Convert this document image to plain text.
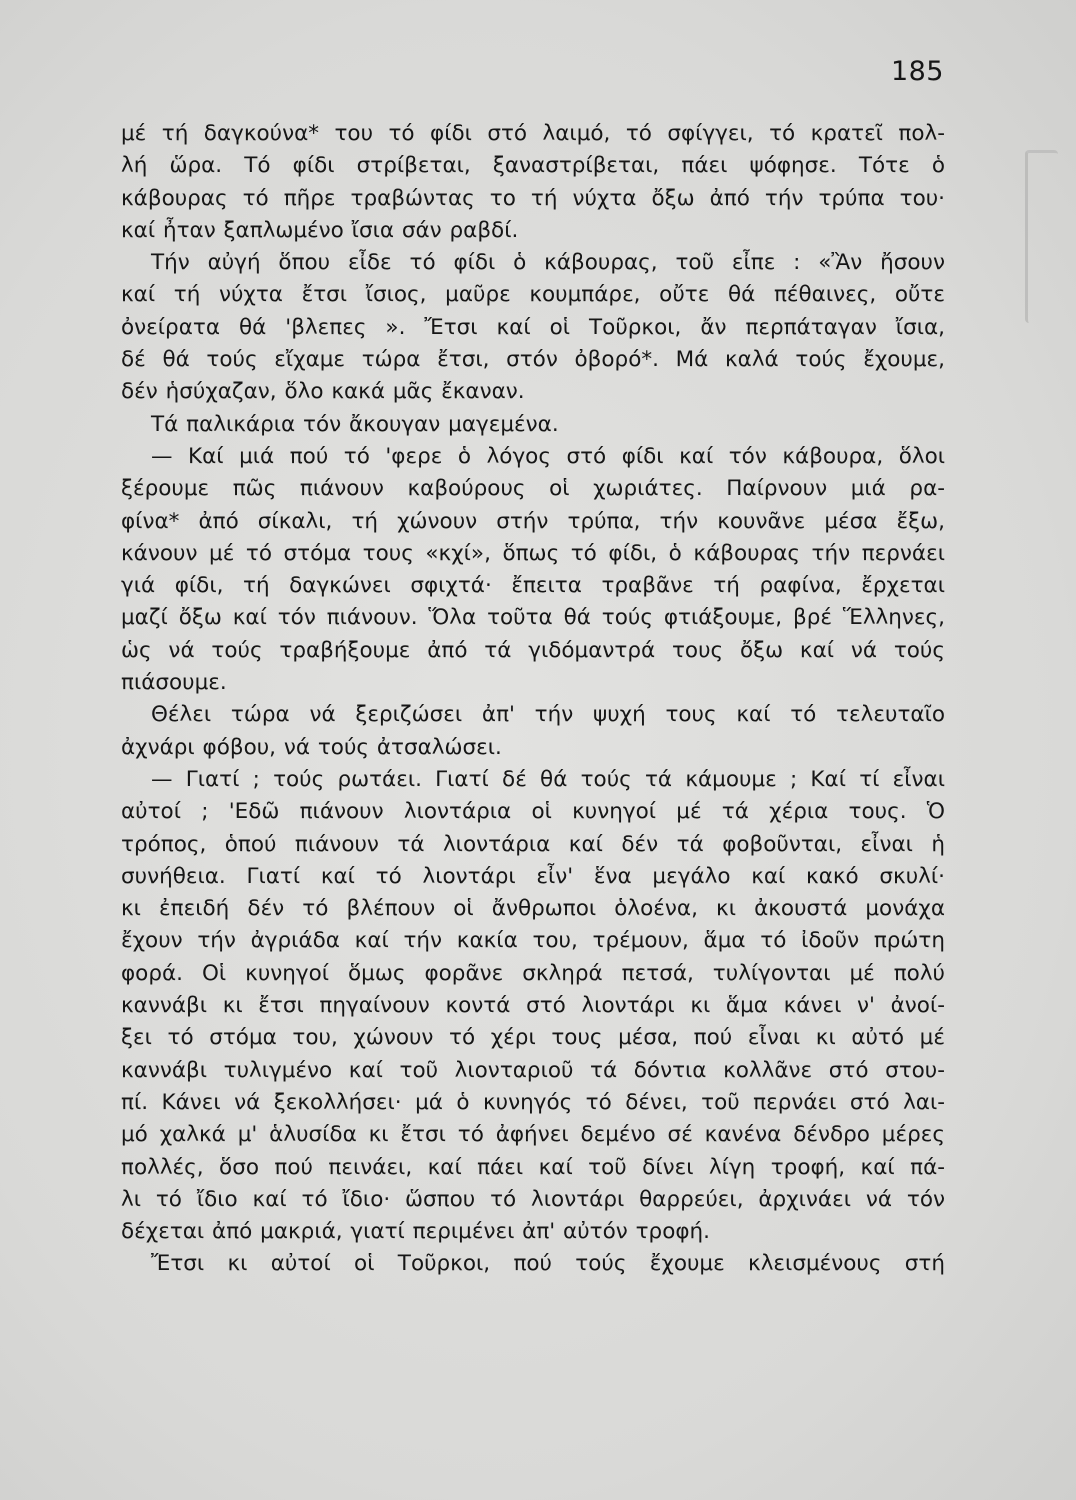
185
μέ τή δαγκούνα* του τό φίδι στό λαιμό, τό σφίγγει, τό κρατεῖ πολ-
λή ὥρα. Τό φίδι στρίβεται, ξαναστρίβεται, πάει ψόφησε. Τότε ὁ
κάβουρας τό πῆρε τραβώντας το τή νύχτα ὄξω ἀπό τήν τρύπα του·
καί ἦταν ξαπλωμένο ἴσια σάν ραβδί.
Τήν αὐγή ὅπου εἶδε τό φίδι ὁ κάβουρας, τοῦ εἶπε : «Ἂν ἤσουν
καί τή νύχτα ἔτσι ἴσιος, μαῦρε κουμπάρε, οὔτε θά πέθαινες, οὔτε
ὀνείρατα θά 'βλεπες ». Ἔτσι καί οἱ Τοῦρκοι, ἄν περπάταγαν ἴσια,
δέ θά τούς εἴχαμε τώρα ἔτσι, στόν ὀβορό*. Μά καλά τούς ἔχουμε,
δέν ἡσύχαζαν, ὅλο κακά μᾶς ἔκαναν.
Τά παλικάρια τόν ἄκουγαν μαγεμένα.
— Καί μιά πού τό 'φερε ὁ λόγος στό φίδι καί τόν κάβουρα, ὅλοι
ξέρουμε πῶς πιάνουν καβούρους οἱ χωριάτες. Παίρνουν μιά ρα-
φίνα* ἀπό σίκαλι, τή χώνουν στήν τρύπα, τήν κουνᾶνε μέσα ἔξω,
κάνουν μέ τό στόμα τους «κχί», ὅπως τό φίδι, ὁ κάβουρας τήν περνάει
γιά φίδι, τή δαγκώνει σφιχτά· ἔπειτα τραβᾶνε τή ραφίνα, ἔρχεται
μαζί ὄξω καί τόν πιάνουν. Ὅλα τοῦτα θά τούς φτιάξουμε, βρέ Ἕλληνες,
ὡς νά τούς τραβήξουμε ἀπό τά γιδόμαντρά τους ὄξω καί νά τούς
πιάσουμε.
Θέλει τώρα νά ξεριζώσει ἀπ' τήν ψυχή τους καί τό τελευταῖο
ἀχνάρι φόβου, νά τούς ἀτσαλώσει.
— Γιατί ; τούς ρωτάει. Γιατί δέ θά τούς τά κάμουμε ; Καί τί εἶναι
αὐτοί ; 'Εδῶ πιάνουν λιοντάρια οἱ κυνηγοί μέ τά χέρια τους. Ὁ
τρόπος, ὁπού πιάνουν τά λιοντάρια καί δέν τά φοβοῦνται, εἶναι ἡ
συνήθεια. Γιατί καί τό λιοντάρι εἶν' ἕνα μεγάλο καί κακό σκυλί·
κι ἐπειδή δέν τό βλέπουν οἱ ἄνθρωποι ὁλοένα, κι ἀκουστά μονάχα
ἔχουν τήν ἀγριάδα καί τήν κακία του, τρέμουν, ἅμα τό ἰδοῦν πρώτη
φορά. Οἱ κυνηγοί ὅμως φορᾶνε σκληρά πετσά, τυλίγονται μέ πολύ
καννάβι κι ἔτσι πηγαίνουν κοντά στό λιοντάρι κι ἅμα κάνει ν' ἀνοί-
ξει τό στόμα του, χώνουν τό χέρι τους μέσα, πού εἶναι κι αὐτό μέ
καννάβι τυλιγμένο καί τοῦ λιονταριοῦ τά δόντια κολλᾶνε στό στου-
πί. Κάνει νά ξεκολλήσει· μά ὁ κυνηγός τό δένει, τοῦ περνάει στό λαι-
μό χαλκά μ' ἁλυσίδα κι ἔτσι τό ἀφήνει δεμένο σέ κανένα δένδρο μέρες
πολλές, ὅσο πού πεινάει, καί πάει καί τοῦ δίνει λίγη τροφή, καί πά-
λι τό ἴδιο καί τό ἴδιο· ὥσπου τό λιοντάρι θαρρεύει, ἀρχινάει νά τόν
δέχεται ἀπό μακριά, γιατί περιμένει ἀπ' αὐτόν τροφή.
Ἔτσι κι αὐτοί οἱ Τοῦρκοι, πού τούς ἔχουμε κλεισμένους στή
